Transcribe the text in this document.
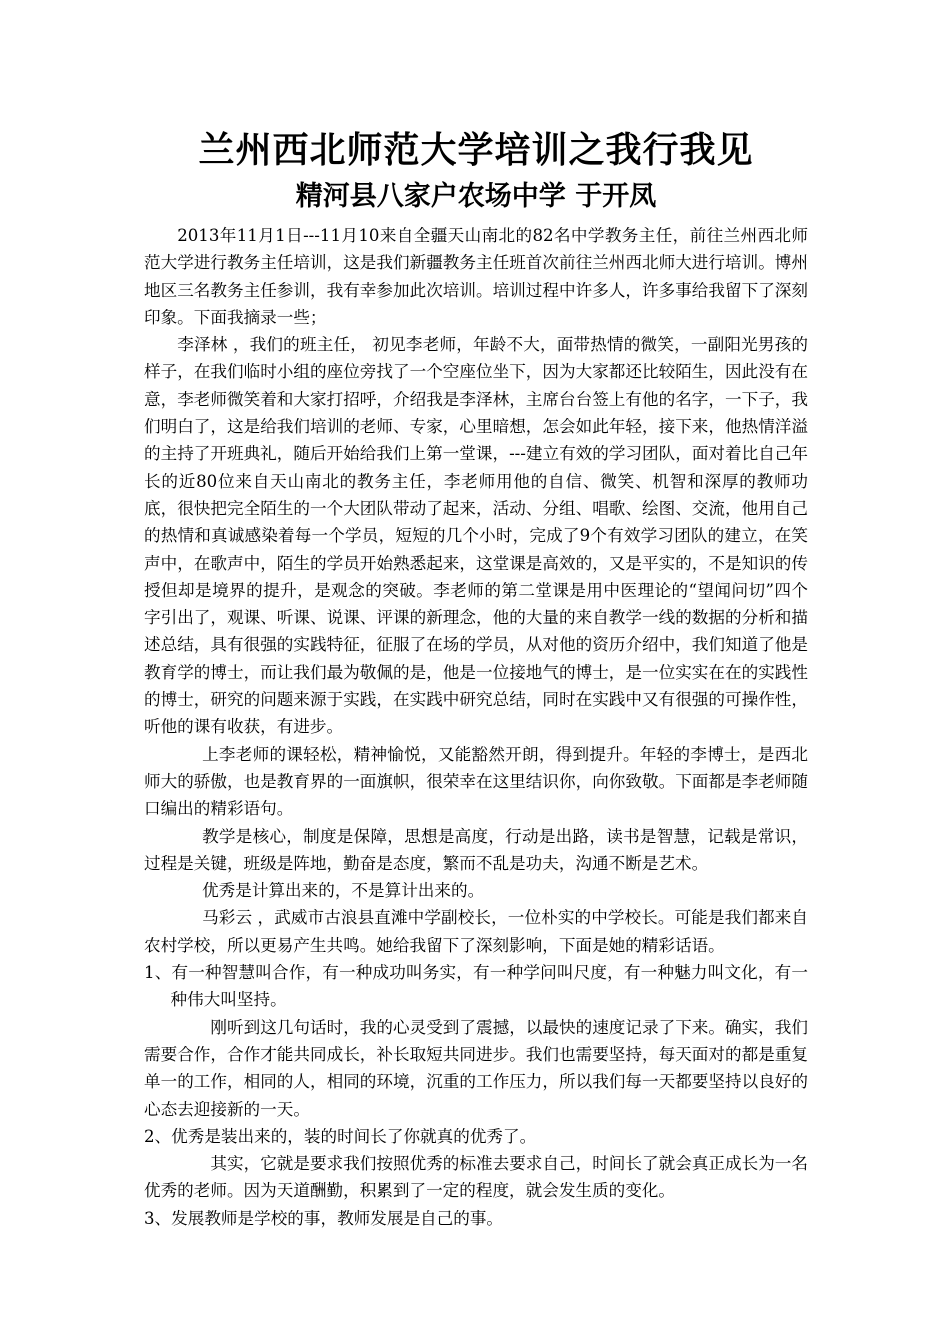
兰州西北师范大学培训之我行我见
精河县八家户农场中学 于开凤

2013年11月1日---11月10来自全疆天山南北的82名中学教务主任，前往兰州西北师范大学进行教务主任培训，这是我们新疆教务主任班首次前往兰州西北师大进行培训。博州地区三名教务主任参训，我有幸参加此次培训。培训过程中许多人，许多事给我留下了深刻印象。下面我摘录一些；

李泽林 ，我们的班主任， 初见李老师，年龄不大，面带热情的微笑，一副阳光男孩的样子，在我们临时小组的座位旁找了一个空座位坐下，因为大家都还比较陌生，因此没有在意，李老师微笑着和大家打招呼，介绍我是李泽林，主席台台签上有他的名字，一下子，我们明白了，这是给我们培训的老师、专家，心里暗想，怎会如此年轻，接下来，他热情洋溢的主持了开班典礼，随后开始给我们上第一堂课，---建立有效的学习团队，面对着比自己年长的近80位来自天山南北的教务主任，李老师用他的自信、微笑、机智和深厚的教师功底，很快把完全陌生的一个大团队带动了起来，活动、分组、唱歌、绘图、交流，他用自己的热情和真诚感染着每一个学员，短短的几个小时，完成了9个有效学习团队的建立，在笑声中，在歌声中，陌生的学员开始熟悉起来，这堂课是高效的，又是平实的，不是知识的传授但却是境界的提升，是观念的突破。李老师的第二堂课是用中医理论的“望闻问切”四个字引出了，观课、听课、说课、评课的新理念，他的大量的来自教学一线的数据的分析和描述总结，具有很强的实践特征，征服了在场的学员，从对他的资历介绍中，我们知道了他是教育学的博士，而让我们最为敬佩的是，他是一位接地气的博士，是一位实实在在的实践性的博士，研究的问题来源于实践，在实践中研究总结，同时在实践中又有很强的可操作性，听他的课有收获，有进步。

上李老师的课轻松，精神愉悦，又能豁然开朗，得到提升。年轻的李博士，是西北师大的骄傲，也是教育界的一面旗帜，很荣幸在这里结识你，向你致敬。下面都是李老师随口编出的精彩语句。

教学是核心，制度是保障，思想是高度，行动是出路，读书是智慧，记载是常识，过程是关键，班级是阵地，勤奋是态度，繁而不乱是功夫，沟通不断是艺术。

优秀是计算出来的，不是算计出来的。

马彩云 ，武威市古浪县直滩中学副校长，一位朴实的中学校长。可能是我们都来自农村学校，所以更易产生共鸣。她给我留下了深刻影响，下面是她的精彩话语。

1、有一种智慧叫合作，有一种成功叫务实，有一种学问叫尺度，有一种魅力叫文化，有一种伟大叫坚持。

刚听到这几句话时，我的心灵受到了震撼，以最快的速度记录了下来。确实，我们需要合作，合作才能共同成长，补长取短共同进步。我们也需要坚持，每天面对的都是重复单一的工作，相同的人，相同的环境，沉重的工作压力，所以我们每一天都要坚持以良好的心态去迎接新的一天。

2、优秀是装出来的，装的时间长了你就真的优秀了。

其实，它就是要求我们按照优秀的标准去要求自己，时间长了就会真正成长为一名优秀的老师。因为天道酬勤，积累到了一定的程度，就会发生质的变化。

3、发展教师是学校的事，教师发展是自己的事。
